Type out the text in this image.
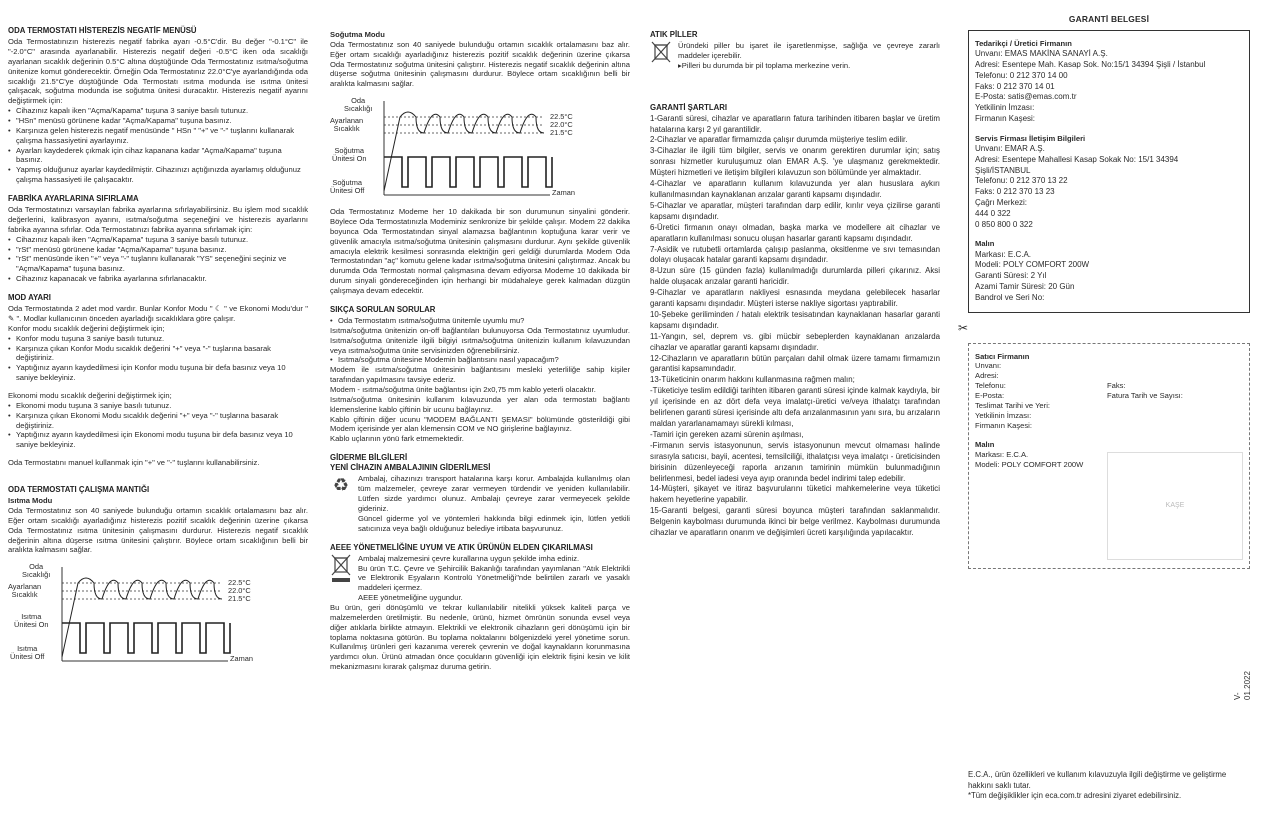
ODA TERMOSTATI HİSTEREZİS NEGATİF MENÜSÜ

Oda Termostatınızın histerezis negatif fabrika ayarı -0.5°C'dir. Bu değer "-0.1°C" ile "-2.0°C" arasında ayarlanabilir. Histerezis negatif değeri -0.5°C iken oda sıcaklığı ayarlanan sıcaklık değerinin 0.5°C altına düştüğünde Oda Termostatınız ısıtma/soğutma ünitenize komut gönderecektir. Örneğin Oda Termostatınız 22.0°C'ye ayarlandığında oda sıcaklığı 21.5°C'ye düştüğünde Oda Termostatı ısıtma modunda ise ısıtma ünitesi çalışacak, soğutma modunda ise soğutma ünitesi duracaktır. Histerezis negatif ayarını değiştirmek için:

• Cihazınız kapalı iken "Açma/Kapama" tuşuna 3 saniye basılı tutunuz.
• "HSn" menüsü görünene kadar "Açma/Kapama" tuşuna basınız.
• Karşınıza gelen histerezis negatif menüsünde " HSn " "+" ve "-" tuşlarını kullanarak çalışma hassasiyetini ayarlayınız.
• Ayarları kaydederek çıkmak için cihaz kapanana kadar "Açma/Kapama" tuşuna basınız.
• Yapmış olduğunuz ayarlar kaydedilmiştir. Cihazınızı açtığınızda ayarlamış olduğunuz çalışma hassasiyeti ile çalışacaktır.
FABRİKA AYARLARINA SIFIRLAMA

Oda Termostatınızı varsayılan fabrika ayarlarına sıfırlayabilirsiniz. Bu işlem mod sıcaklık değerlerini, kalibrasyon ayarını, ısıtma/soğutma seçeneğini ve histerezis ayarlarını fabrika ayarına sıfırlar. Oda Termostatınızı fabrika ayarına sıfırlamak için:

• Cihazınız kapalı iken "Açma/Kapama" tuşuna 3 saniye basılı tutunuz.
• "rSt" menüsü görünene kadar "Açma/Kapama" tuşuna basınız.
• "rSt" menüsünde iken "+" veya "-" tuşlarını kullanarak "YS" seçeneğini seçiniz ve "Açma/Kapama" tuşuna basınız.
• Cihazınız kapanacak ve fabrika ayarlarına sıfırlanacaktır.
MOD AYARI

Oda Termostatında 2 adet mod vardır. Bunlar Konfor Modu " ☾ " ve Ekonomi Modu'dur " ✎ ". Modlar kullanıcının önceden ayarladığı sıcaklıklara göre çalışır.

Konfor modu sıcaklık değerini değiştirmek için;

• Konfor modu tuşuna 3 saniye basılı tutunuz.
• Karşınıza çıkan Konfor Modu sıcaklık değerini "+" veya "-" tuşlarına basarak değiştiriniz.
• Yaptığınız ayarın kaydedilmesi için Konfor modu tuşuna bir defa basınız veya 10 saniye bekleyiniz.

Ekonomi modu sıcaklık değerini değiştirmek için;

• Ekonomi modu tuşuna 3 saniye basılı tutunuz.
• Karşınıza çıkan Ekonomi Modu sıcaklık değerini "+" veya "-" tuşlarına basarak değiştiriniz.
• Yaptığınız ayarın kaydedilmesi için Ekonomi modu tuşuna bir defa basınız veya 10 saniye bekleyiniz.

Oda Termostatını manuel kullanmak için "+" ve "-" tuşlarını kullanabilirsiniz.

ODA TERMOSTATI ÇALIŞMA MANTIĞI
Isıtma Modu

Oda Termostatınız son 40 saniyede bulunduğu ortamın sıcaklık ortalamasını baz alır. Eğer ortam sıcaklığı ayarladığınız histerezis pozitif sıcaklık değerinin üzerine çıkarsa Oda Termostatınız ısıtma ünitesinin çalışmasını durdurur. Histerezis negatif sıcaklık değerinin altına düşerse ısıtma ünitesini çalıştırır. Böylece ortam sıcaklığının belli bir aralıkta kalmasını sağlar.

Oda
Sıcaklığı
Ayarlanan
Sıcaklık
Isıtma
Ünitesi On
Isıtma
Ünitesi Off	Zaman
22.5°C
22.0°C
21.5°C
Soğutma Modu

Oda Termostatınız son 40 saniyede bulunduğu ortamın sıcaklık ortalamasını baz alır. Eğer ortam sıcaklığı ayarladığınız histerezis pozitif sıcaklık değerinin üzerine çıkarsa Oda Termostatınız soğutma ünitesini çalıştırır. Histerezis negatif sıcaklık değerinin altına düşerse soğutma ünitesinin çalışmasını durdurur. Böylece ortam sıcaklığının belli bir aralıkta kalmasını sağlar.

Oda
Sıcaklığı
Ayarlanan
Sıcaklık
Soğutma
Ünitesi On
Soğutma
Ünitesi Off	Zaman
22.5°C
22.0°C
21.5°C

Oda Termostatınız Modeme her 10 dakikada bir son durumunun sinyalini gönderir. Böylece Oda Termostatınızla Modeminiz senkronize bir şekilde çalışır. Modem 22 dakika boyunca Oda Termostatından sinyal alamazsa bağlantının koptuğuna karar verir ve güvenlik amacıyla ısıtma/soğutma ünitesinin çalışmasını durdurur. Aynı şekilde güvenlik amacıyla elektrik kesilmesi sonrasında elektriğin geri geldiği durumlarda Modem Oda Termostatından "aç" komutu gelene kadar ısıtma/soğutma ünitesini çalıştırmaz. Ancak bu durumda Oda Termostatı normal çalışmasına devam ediyorsa Modeme 10 dakikada bir durum sinyali göndereceğinden için herhangi bir müdahaleye gerek kalmadan düzgün çalışmaya devam edecektir.

SIKÇA SORULAN SORULAR
• Oda Termostatım ısıtma/soğutma ünitemle uyumlu mu?

Isıtma/soğutma ünitenizin on-off bağlantıları bulunuyorsa Oda Termostatınız uyumludur. Isıtma/soğutma ünitenizle ilgili bilgiyi ısıtma/soğutma ünitenizin kullanım kılavuzundan veya ısıtma/soğutma ünite servisinizden öğrenebilirsiniz.

• Isıtma/soğutma ünitesine Modemin bağlantısını nasıl yapacağım?

Modem ile ısıtma/soğutma ünitesinin bağlantısını mesleki yeterliliğe sahip kişiler tarafından yapılmasını tavsiye ederiz.

Modem - ısıtma/soğutma ünite bağlantısı için 2x0,75 mm kablo yeterli olacaktır.

Isıtma/soğutma ünitesinin kullanım kılavuzunda yer alan oda termostatı bağlantı klemenslerine kablo çiftinin bir ucunu bağlayınız.

Kablo çiftinin diğer ucunu "MODEM BAĞLANTI ŞEMASI" bölümünde gösterildiği gibi Modem içerisinde yer alan klemensin COM ve NO girişlerine bağlayınız.

Kablo uçlarının yönü fark etmemektedir.

GİDERME BİLGİLERİ
YENİ CİHAZIN AMBALAJININ GİDERİLMESİ
♻	Ambalaj, cihazınızı transport hatalarına karşı korur. Ambalajda kullanılmış olan tüm malzemeler, çevreye zarar vermeyen türdendir ve yeniden kullanılabilir. Lütfen sizde yardımcı olunuz. Ambalajı çevreye zarar vermeyecek şekilde gideriniz.

Güncel giderme yol ve yöntemleri hakkında bilgi edinmek için, lütfen yetkili satıcınıza veya bağlı olduğunuz belediye irtibata başvurunuz.

AEEE YÖNETMELİĞİNE UYUM VE ATIK ÜRÜNÜN ELDEN ÇIKARILMASI

Ambalaj malzemesini çevre kurallarına uygun şekilde imha ediniz.

Bu ürün T.C. Çevre ve Şehircilik Bakanlığı tarafından yayımlanan "Atık Elektrikli ve Elektronik Eşyaların Kontrolü Yönetmeliği"nde belirtilen zararlı ve yasaklı maddeleri içermez.

AEEE yönetmeliğine uygundur.

Bu ürün, geri dönüşümlü ve tekrar kullanılabilir nitelikli yüksek kaliteli parça ve malzemelerden üretilmiştir. Bu nedenle, ürünü, hizmet ömrünün sonunda evsel veya diğer atıklarla birlikte atmayın. Elektrikli ve elektronik cihazların geri dönüşümü için bir toplama noktasına götürün. Bu toplama noktalarını bölgenizdeki yerel yönetime sorun. Kullanılmış ürünleri geri kazanıma vererek çevrenin ve doğal kaynakların korunmasına yardımcı olun. Ürünü atmadan önce çocukların güvenliği için elektrik fişini kesin ve kilit mekanizmasını kırarak çalışmaz duruma getirin.

ATIK PİLLER

Üründeki piller bu işaret ile işaretlenmişse, sağlığa ve çevreye zararlı maddeler içerebilir.

▸Pilleri bu durumda bir pil toplama merkezine verin.

GARANTİ ŞARTLARI

1-Garanti süresi, cihazlar ve aparatların fatura tarihinden itibaren başlar ve üretim hatalarına karşı 2 yıl garantilidir.

2-Cihazlar ve aparatlar firmamızda çalışır durumda müşteriye teslim edilir.

3-Cihazlar ile ilgili tüm bilgiler, servis ve onarım gerektiren durumlar için; satış sonrası hizmetler kuruluşumuz olan EMAR A.Ş. 'ye ulaşmanız gerekmektedir. Müşteri hizmetleri ve iletişim bilgileri kılavuzun son bölümünde yer almaktadır.

4-Cihazlar ve aparatların kullanım kılavuzunda yer alan hususlara aykırı kullanılmasından kaynaklanan arızalar garanti kapsamı dışındadır.

5-Cihazlar ve aparatlar, müşteri tarafından darp edilir, kırılır veya çizilirse garanti kapsamı dışındadır.

6-Üretici firmanın onayı olmadan, başka marka ve modellere ait cihazlar ve aparatların kullanılması sonucu oluşan hasarlar garanti kapsamı dışındadır.

7-Asidik ve rutubetli ortamlarda çalışıp paslanma, oksitlenme ve sıvı temasından dolayı oluşacak hatalar garanti kapsamı dışındadır.

8-Uzun süre (15 günden fazla) kullanılmadığı durumlarda pilleri çıkarınız. Aksi halde oluşacak arızalar garanti haricidir.

9-Cihazlar ve aparatların nakliyesi esnasında meydana gelebilecek hasarlar garanti kapsamı dışındadır. Müşteri isterse nakliye sigortası yaptırabilir.

10-Şebeke geriliminden / hatalı elektrik tesisatından kaynaklanan hasarlar garanti kapsamı dışındadır.

11-Yangın, sel, deprem vs. gibi mücbir sebeplerden kaynaklanan arızalarda cihazlar ve aparatlar garanti kapsamı dışındadır.

12-Cihazların ve aparatların bütün parçaları dahil olmak üzere tamamı firmamızın garantisi kapsamındadır.

13-Tüketicinin onarım hakkını kullanmasına rağmen malın;

-Tüketiciye teslim edildiği tarihten itibaren garanti süresi içinde kalmak kaydıyla, bir yıl içerisinde en az dört defa veya imalatçı-üretici ve/veya ithalatçı tarafından belirlenen garanti süresi içerisinde altı defa arızalanmasının yanı sıra, bu arızaların maldan yararlanamamayı sürekli kılması,

-Tamiri için gereken azami sürenin aşılması,

-Firmanın servis istasyonunun, servis istasyonunun mevcut olmaması halinde sırasıyla satıcısı, bayii, acentesi, temsilciliği, ithalatçısı veya imalatçı - üreticisinden birisinin düzenleyeceği raporla arızanın tamirinin mümkün bulunmadığının belirlenmesi, bedel iadesi veya ayıp oranında bedel indirimi talep edebilir.

14-Müşteri, şikayet ve itiraz başvurularını tüketici mahkemelerine veya tüketici hakem heyetlerine yapabilir.

15-Garanti belgesi, garanti süresi boyunca müşteri tarafından saklanmalıdır. Belgenin kaybolması durumunda ikinci bir belge verilmez. Kaybolması durumunda cihazlar ve aparatların onarım ve değişimleri ücreti karşılığında yapılacaktır.

GARANTİ BELGESİ
Tedarikçi / Üretici Firmanın
Unvanı: EMAS MAKİNA SANAYİ A.Ş.
Adresi: Esentepe Mah. Kasap Sok. No:15/1 34394 Şişli / İstanbul
Telefonu: 0 212 370 14 00
Faks: 0 212 370 14 01
E-Posta: satis@emas.com.tr
Yetkilinin İmzası:
Firmanın Kaşesi:
Servis Firması İletişim Bilgileri
Unvanı: EMAR A.Ş.
Adresi: Esentepe Mahallesi Kasap Sokak No: 15/1 34394
Şişli/İSTANBUL
Telefonu: 0 212 370 13 22
Faks: 0 212 370 13 23
Çağrı Merkezi:
444 0 322
0 850 800 0 322
Malın
Markası: E.C.A.
Modeli: POLY COMFORT 200W
Garanti Süresi: 2 Yıl
Azami Tamir Süresi: 20 Gün
Bandrol ve Seri No:
✂
Satıcı Firmanın
Unvanı:
Adresi:
Telefonu:	Faks:
E-Posta:	Fatura Tarih ve Sayısı:
Teslimat Tarihi ve Yeri:
Yetkilinin İmzası:
Firmanın Kaşesi:
Malın
Markası: E.C.A.
Modeli: POLY COMFORT 200W
KAŞE
V-01.2022
E.C.A., ürün özellikleri ve kullanım kılavuzuyla ilgili değiştirme ve geliştirme hakkını saklı tutar.
*Tüm değişiklikler için eca.com.tr adresini ziyaret edebilirsiniz.
